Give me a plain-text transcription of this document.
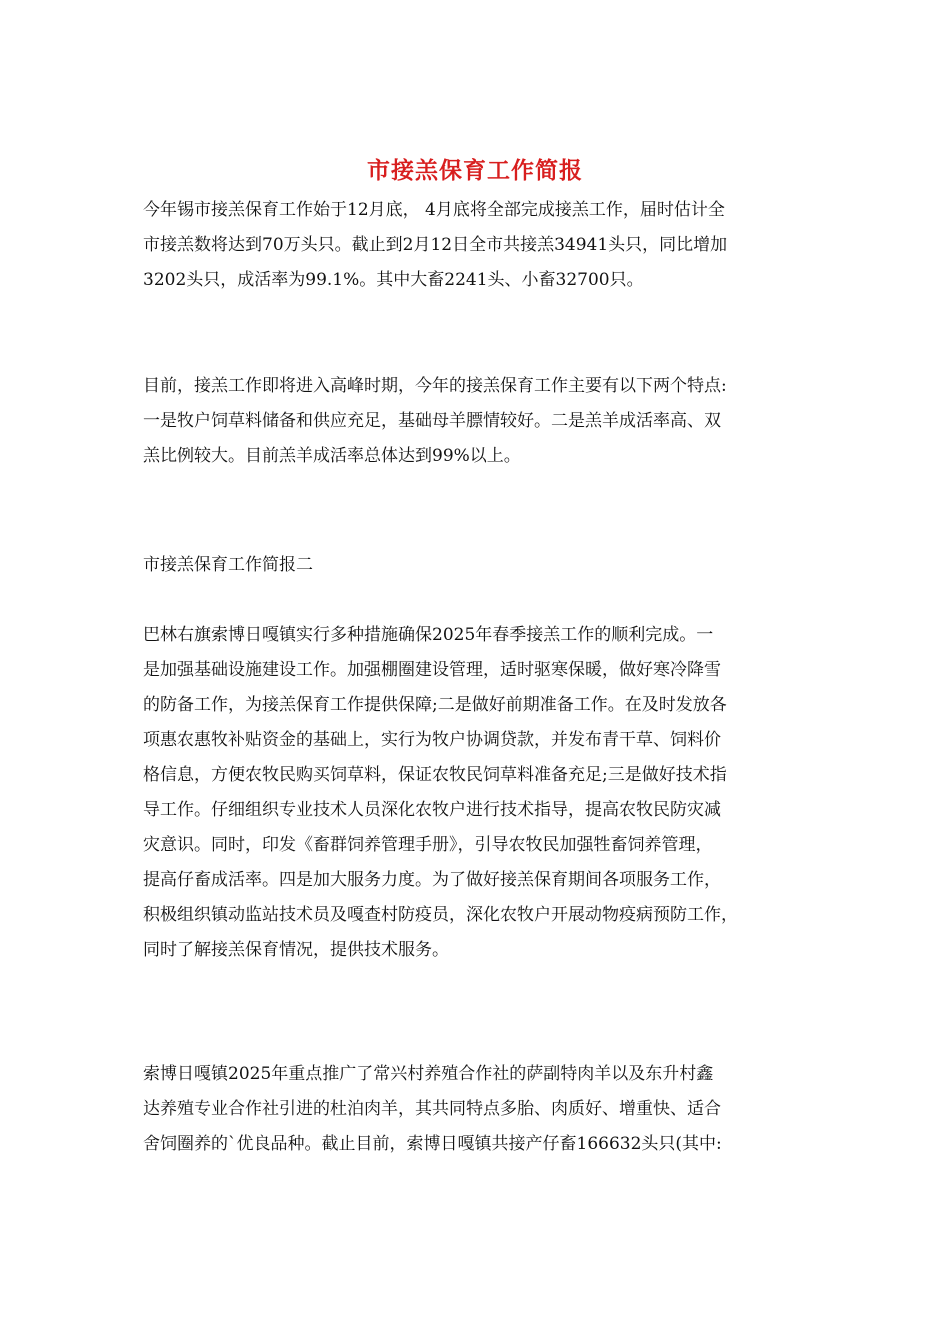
市接羔保育工作简报
今年锡市接羔保育工作始于12月底， 4月底将全部完成接羔工作，届时估计全
市接羔数将达到70万头只。截止到2月12日全市共接羔34941头只，同比增加
3202头只，成活率为99.1%。其中大畜2241头、小畜32700只。
目前，接羔工作即将进入高峰时期，今年的接羔保育工作主要有以下两个特点:
一是牧户饲草料储备和供应充足，基础母羊膘情较好。二是羔羊成活率高、双
羔比例较大。目前羔羊成活率总体达到99%以上。
市接羔保育工作简报二
巴林右旗索博日嘎镇实行多种措施确保2025年春季接羔工作的顺利完成。一
是加强基础设施建设工作。加强棚圈建设管理，适时驱寒保暖，做好寒冷降雪
的防备工作，为接羔保育工作提供保障;二是做好前期准备工作。在及时发放各
项惠农惠牧补贴资金的基础上，实行为牧户协调贷款，并发布青干草、饲料价
格信息，方便农牧民购买饲草料，保证农牧民饲草料准备充足;三是做好技术指
导工作。仔细组织专业技术人员深化农牧户进行技术指导，提高农牧民防灾减
灾意识。同时，印发《畜群饲养管理手册》，引导农牧民加强牲畜饲养管理，
提高仔畜成活率。四是加大服务力度。为了做好接羔保育期间各项服务工作，
积极组织镇动监站技术员及嘎查村防疫员，深化农牧户开展动物疫病预防工作，
同时了解接羔保育情况，提供技术服务。
索博日嘎镇2025年重点推广了常兴村养殖合作社的萨副特肉羊以及东升村鑫
达养殖专业合作社引进的杜泊肉羊，其共同特点多胎、肉质好、增重快、适合
舍饲圈养的`优良品种。截止目前，索博日嘎镇共接产仔畜166632头只(其中:
